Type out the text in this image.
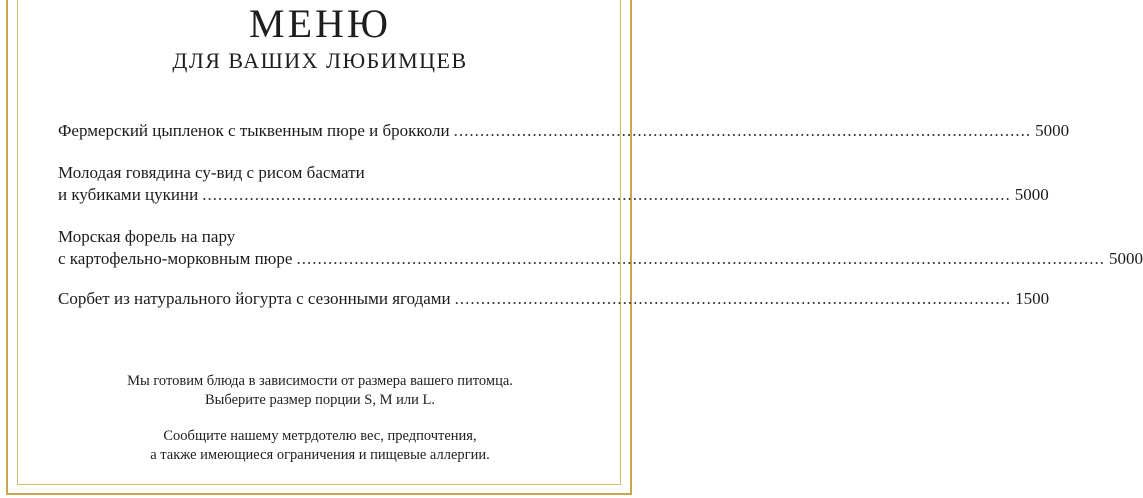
МЕНЮ
ДЛЯ ВАШИХ ЛЮБИМЦЕВ
Фермерский цыпленок с тыквенным пюре и брокколи .............................................................................................................. 5000
Молодая говядина су-вид с рисом басмати
и кубиками цукини .......................................................................................................................................................... 5000
Морская форель на пару
с картофельно-морковным пюре .......................................................................................................................................................... 5000
Сорбет из натурального йогурта с сезонными ягодами .......................................................................................................... 1500
Мы готовим блюда в зависимости от размера вашего питомца.
Выберите размер порции S, M или L.
Сообщите нашему метрдотелю вес, предпочтения,
а также имеющиеся ограничения и пищевые аллергии.
